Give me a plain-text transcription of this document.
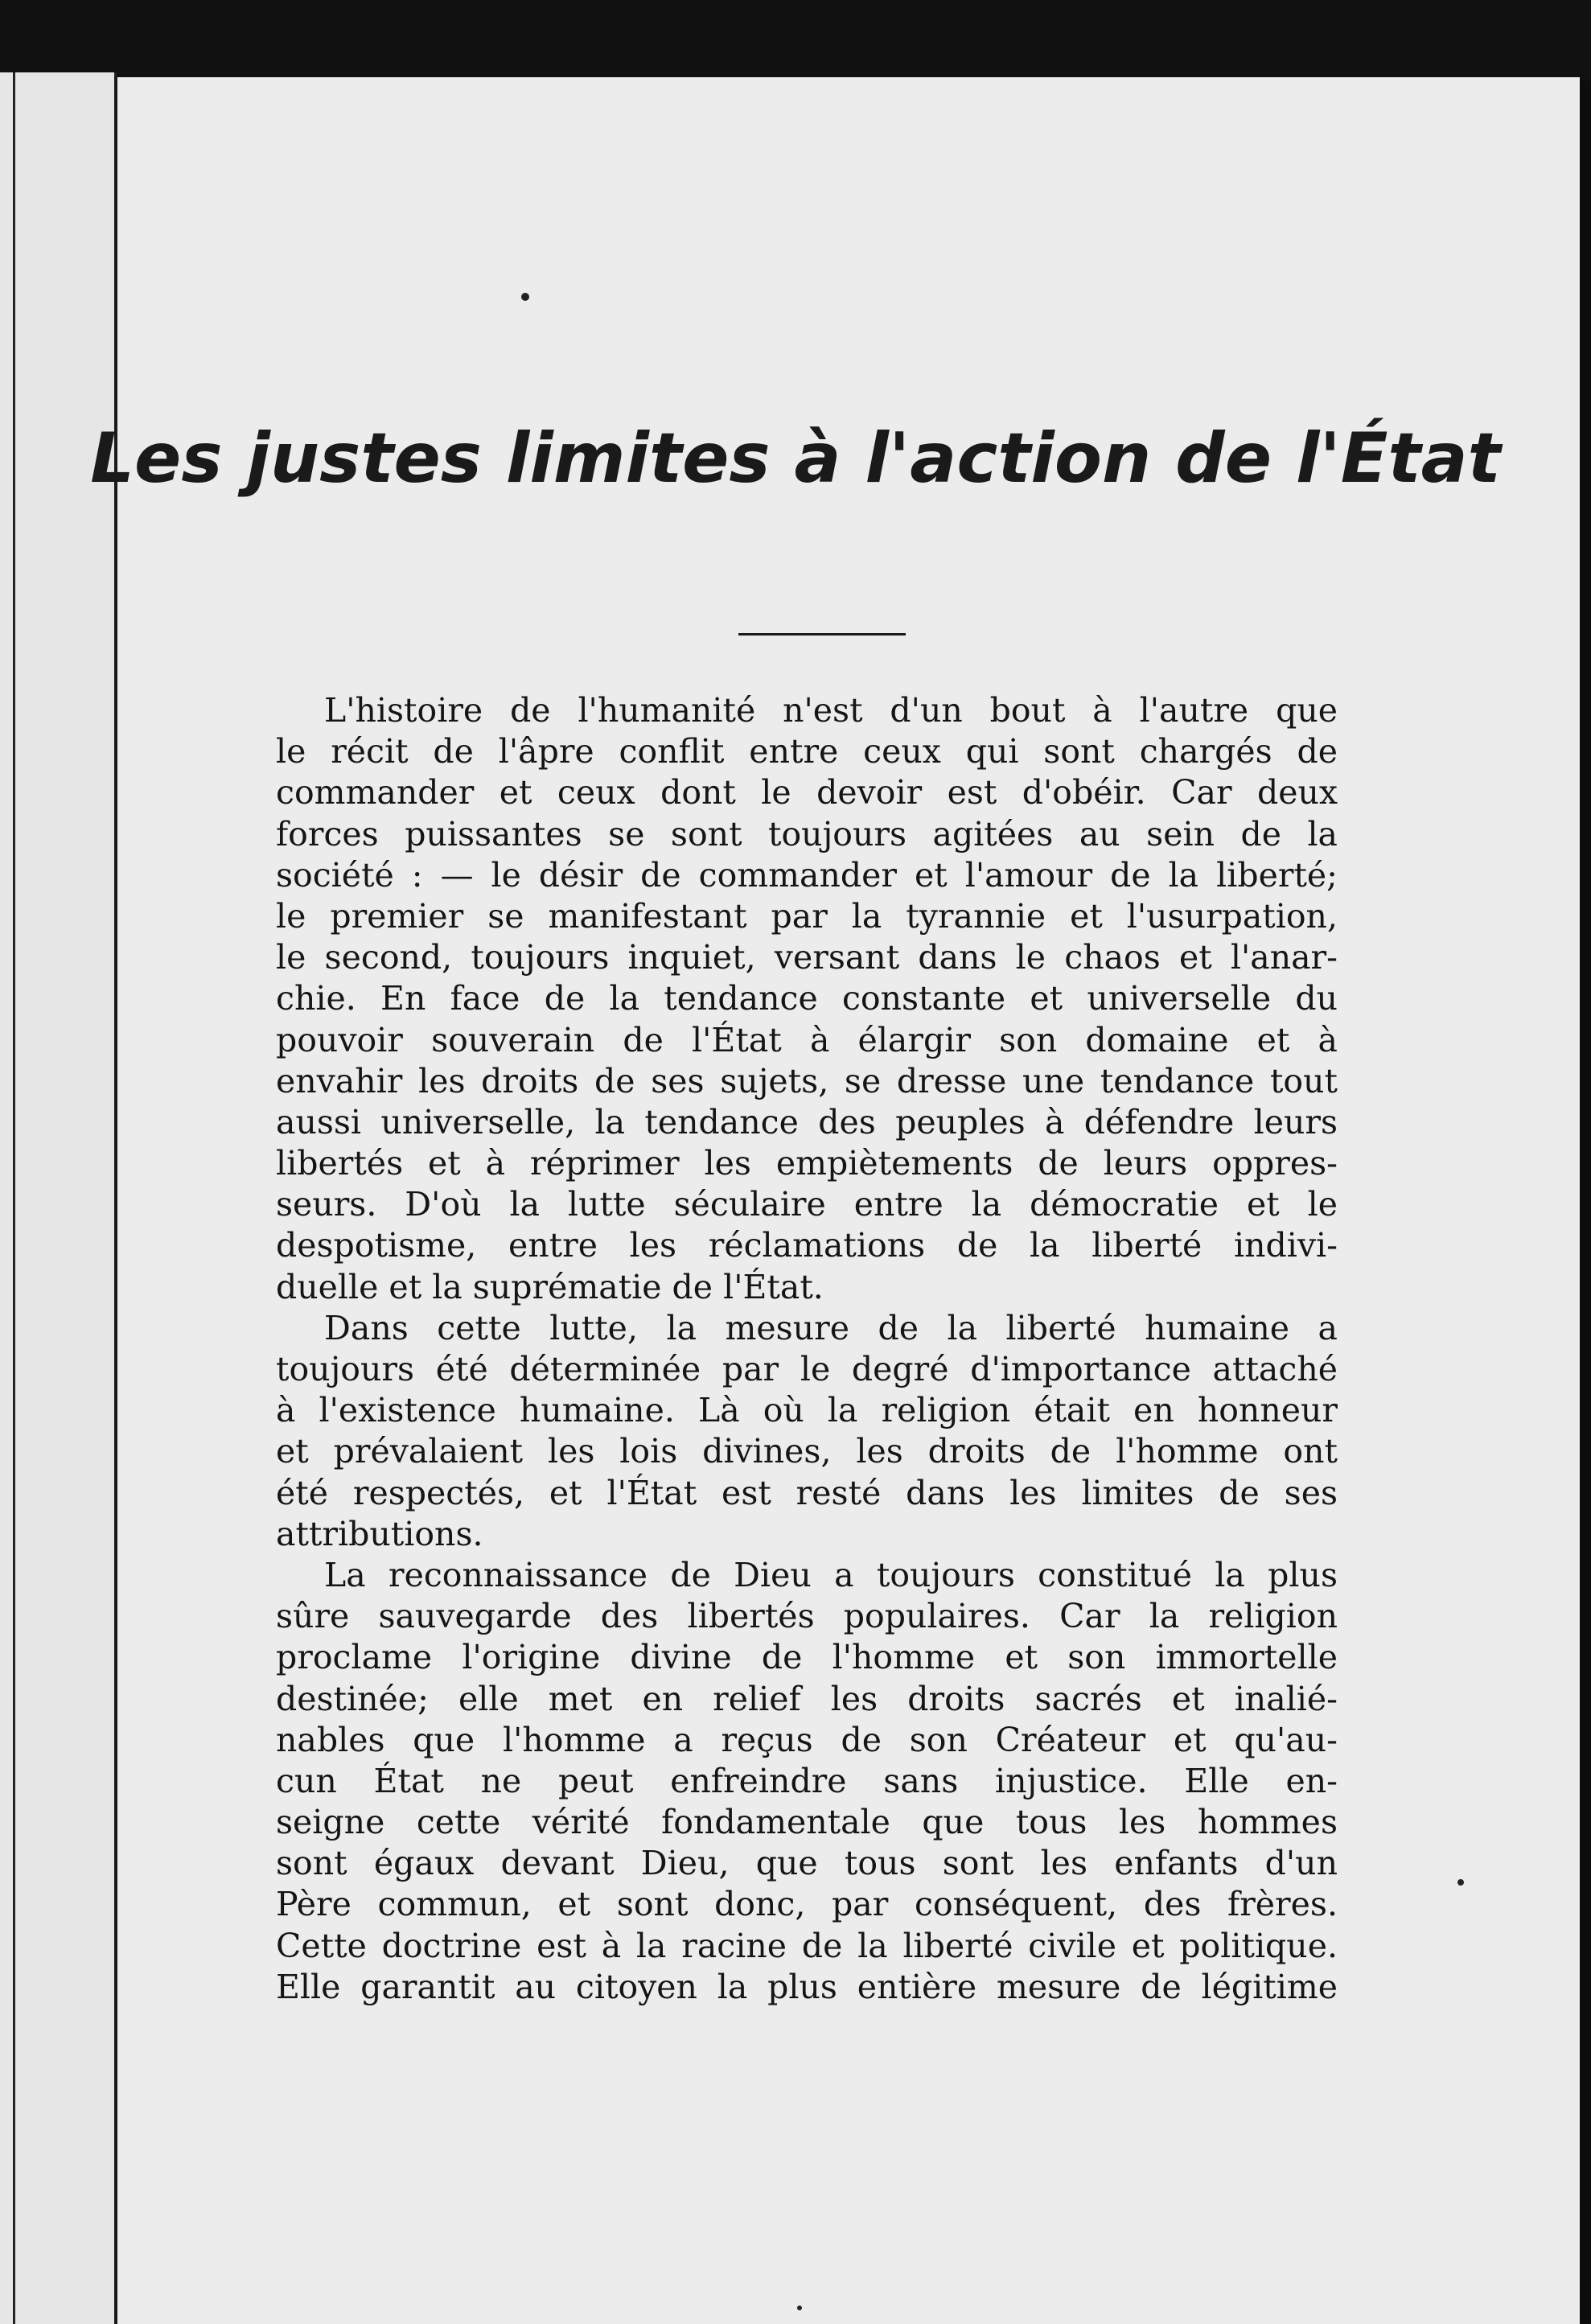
Les justes limites à l'action de l'État
L'histoire de l'humanité n'est d'un bout à l'autre que
le récit de l'âpre conflit entre ceux qui sont chargés de
commander et ceux dont le devoir est d'obéir. Car deux
forces puissantes se sont toujours agitées au sein de la
société : — le désir de commander et l'amour de la liberté;
le premier se manifestant par la tyrannie et l'usurpation,
le second, toujours inquiet, versant dans le chaos et l'anar-
chie. En face de la tendance constante et universelle du
pouvoir souverain de l'État à élargir son domaine et à
envahir les droits de ses sujets, se dresse une tendance tout
aussi universelle, la tendance des peuples à défendre leurs
libertés et à réprimer les empiètements de leurs oppres-
seurs. D'où la lutte séculaire entre la démocratie et le
despotisme, entre les réclamations de la liberté indivi-
duelle et la suprématie de l'État.
Dans cette lutte, la mesure de la liberté humaine a
toujours été déterminée par le degré d'importance attaché
à l'existence humaine. Là où la religion était en honneur
et prévalaient les lois divines, les droits de l'homme ont
été respectés, et l'État est resté dans les limites de ses
attributions.
La reconnaissance de Dieu a toujours constitué la plus
sûre sauvegarde des libertés populaires. Car la religion
proclame l'origine divine de l'homme et son immortelle
destinée; elle met en relief les droits sacrés et inalié-
nables que l'homme a reçus de son Créateur et qu'au-
cun État ne peut enfreindre sans injustice. Elle en-
seigne cette vérité fondamentale que tous les hommes
sont égaux devant Dieu, que tous sont les enfants d'un
Père commun, et sont donc, par conséquent, des frères.
Cette doctrine est à la racine de la liberté civile et politique.
Elle garantit au citoyen la plus entière mesure de légitime
